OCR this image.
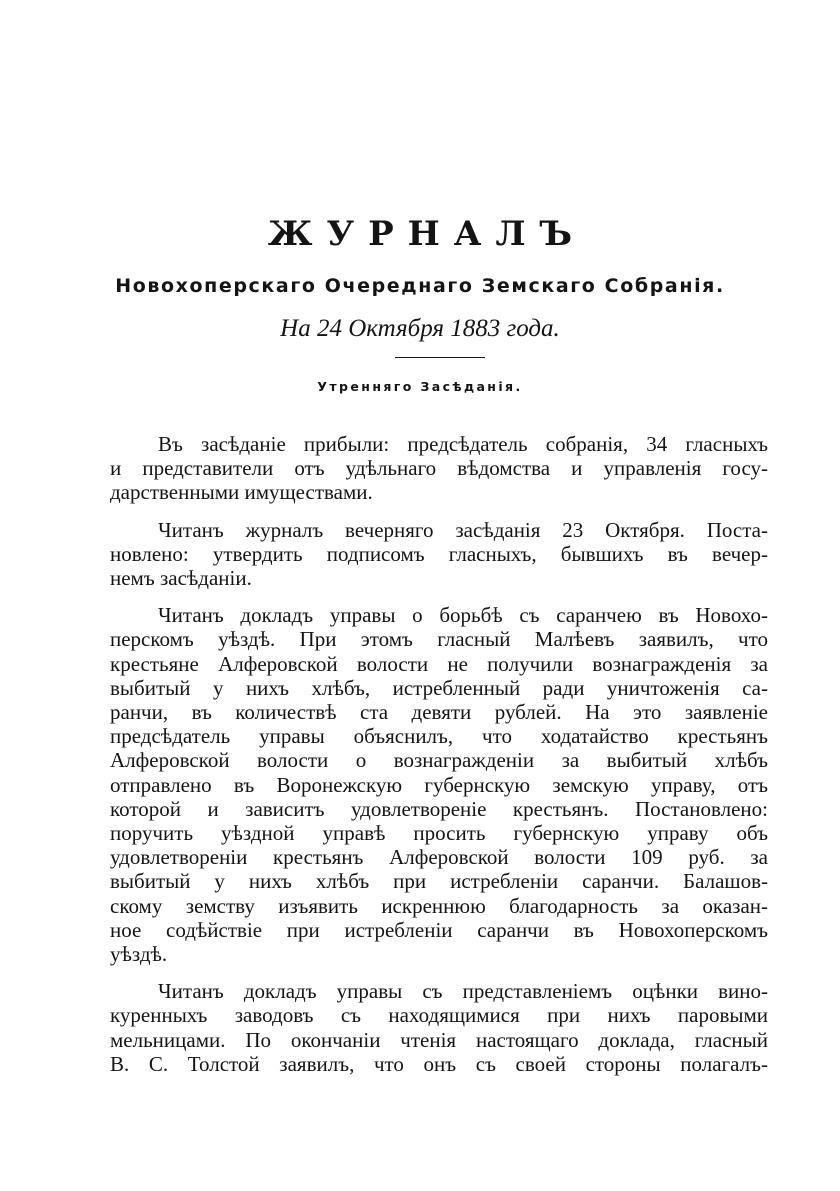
ЖУРНАЛЪ
Новохоперскаго Очереднаго Земскаго Собранія.
На 24 Октября 1883 года.
Утренняго Засѣданія.
Въ засѣданіе прибыли: предсѣдатель собранія, 34 гласныхъ
и представители отъ удѣльнаго вѣдомства и управленія госу-
дарственными имуществами.
Читанъ журналъ вечерняго засѣданія 23 Октября. Поста-
новлено: утвердить подписомъ гласныхъ, бывшихъ въ вечер-
немъ засѣданіи.
Читанъ докладъ управы о борьбѣ съ саранчею въ Новохо-
перскомъ уѣздѣ. При этомъ гласный Малѣевъ заявилъ, что
крестьяне Алферовской волости не получили вознагражденія за
выбитый у нихъ хлѣбъ, истребленный ради уничтоженія са-
ранчи, въ количествѣ ста девяти рублей. На это заявленіе
предсѣдатель управы объяснилъ, что ходатайство крестьянъ
Алферовской волости о вознагражденіи за выбитый хлѣбъ
отправлено въ Воронежскую губернскую земскую управу, отъ
которой и зависитъ удовлетвореніе крестьянъ. Постановлено:
поручить уѣздной управѣ просить губернскую управу объ
удовлетвореніи крестьянъ Алферовской волости 109 руб. за
выбитый у нихъ хлѣбъ при истребленіи саранчи. Балашов-
скому земству изъявить искреннюю благодарность за оказан-
ное содѣйствіе при истребленіи саранчи въ Новохоперскомъ
уѣздѣ.
Читанъ докладъ управы съ представленіемъ оцѣнки вино-
куренныхъ заводовъ съ находящимися при нихъ паровыми
мельницами. По окончаніи чтенія настоящаго доклада, гласный
В. С. Толстой заявилъ, что онъ съ своей стороны полагалъ-
